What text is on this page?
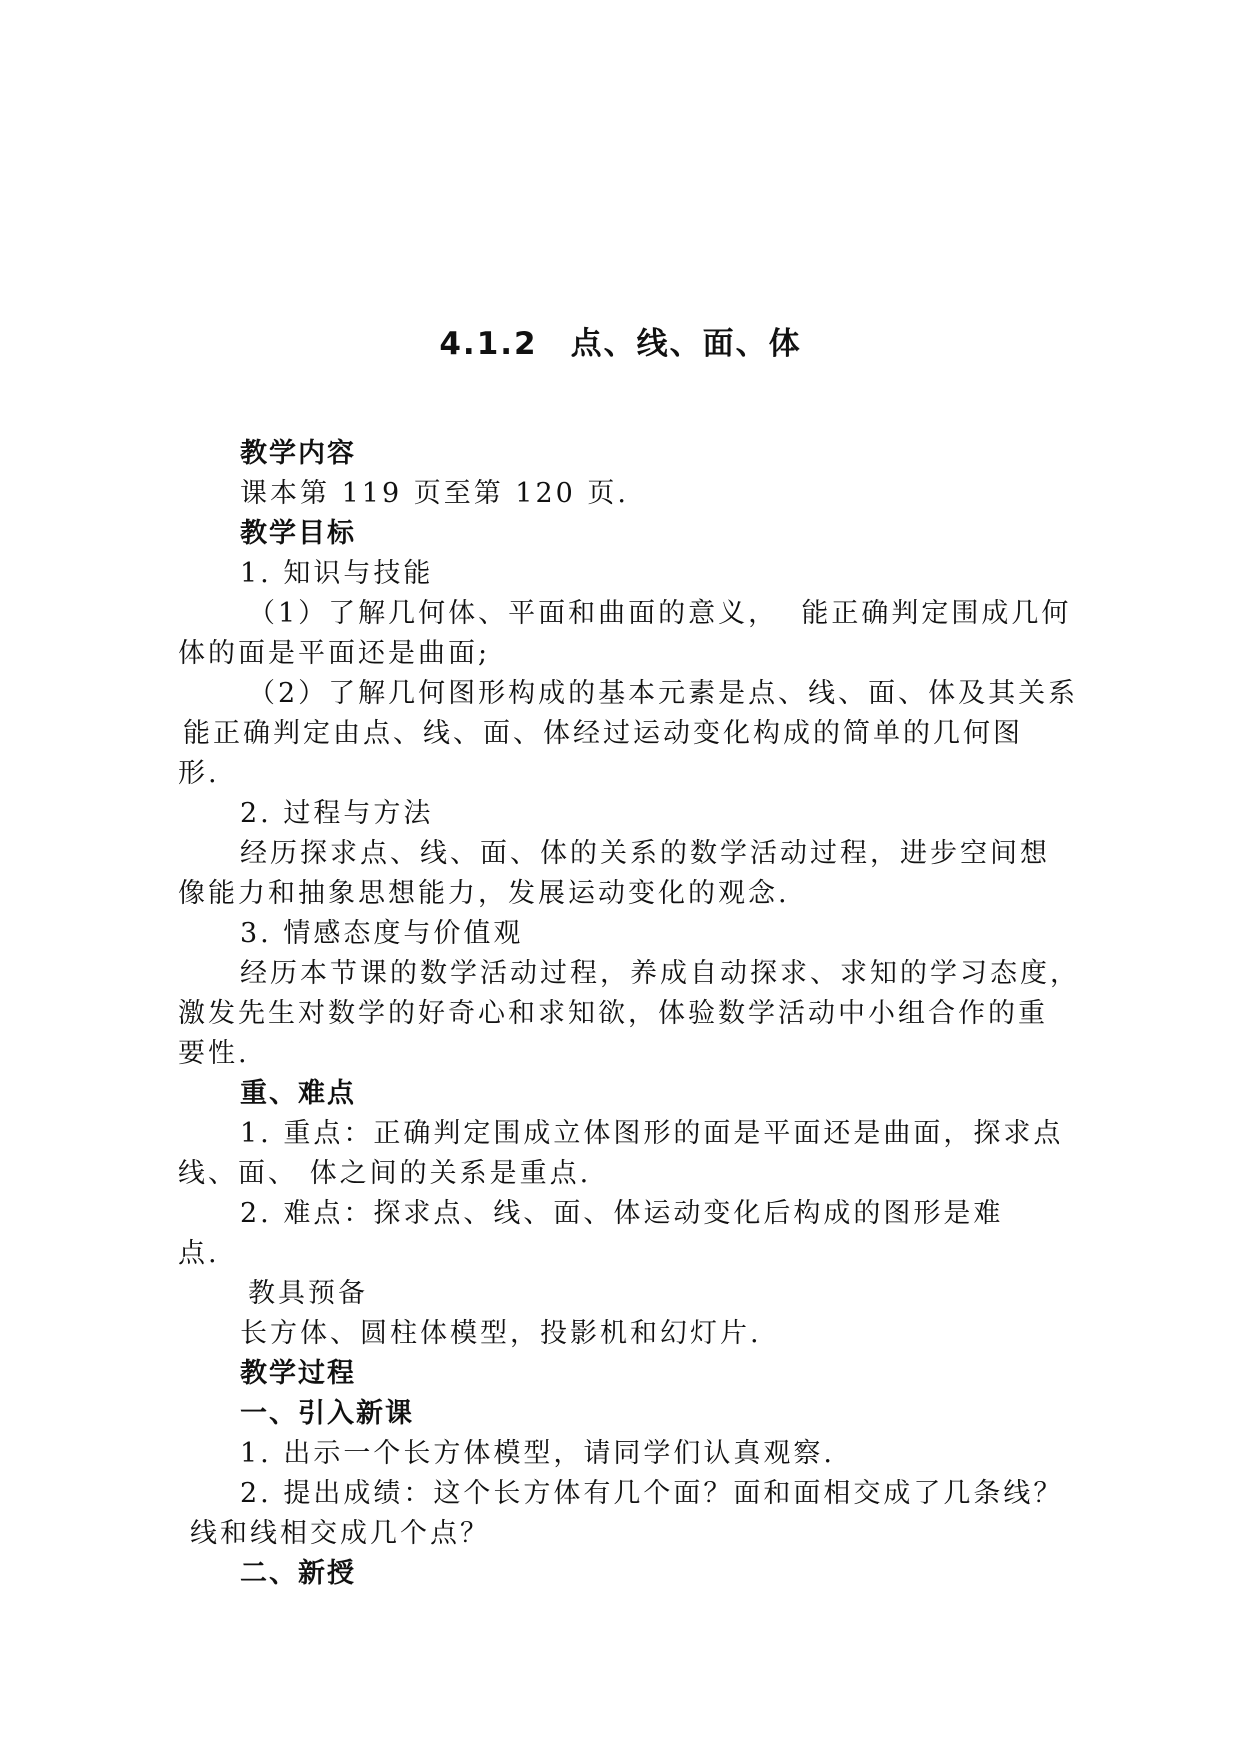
4.1.2　点、线、面、体
教学内容
课本第 119 页至第 120 页.
教学目标
1. 知识与技能
（1）了解几何体、平面和曲面的意义，  能正确判定围成几何
体的面是平面还是曲面;
（2）了解几何图形构成的基本元素是点、线、面、体及其关系
能正确判定由点、线、面、体经过运动变化构成的简单的几何图
形.
2. 过程与方法
经历探求点、线、面、体的关系的数学活动过程，进步空间想
像能力和抽象思想能力，发展运动变化的观念.
3. 情感态度与价值观
经历本节课的数学活动过程，养成自动探求、求知的学习态度，
激发先生对数学的好奇心和求知欲，体验数学活动中小组合作的重
要性.
重、难点
1. 重点：正确判定围成立体图形的面是平面还是曲面，探求点
线、面、 体之间的关系是重点.
2. 难点：探求点、线、面、体运动变化后构成的图形是难
点.
教具预备
长方体、圆柱体模型，投影机和幻灯片.
教学过程
一、引入新课
1. 出示一个长方体模型，请同学们认真观察.
2. 提出成绩：这个长方体有几个面？面和面相交成了几条线？
线和线相交成几个点？
二、新授
